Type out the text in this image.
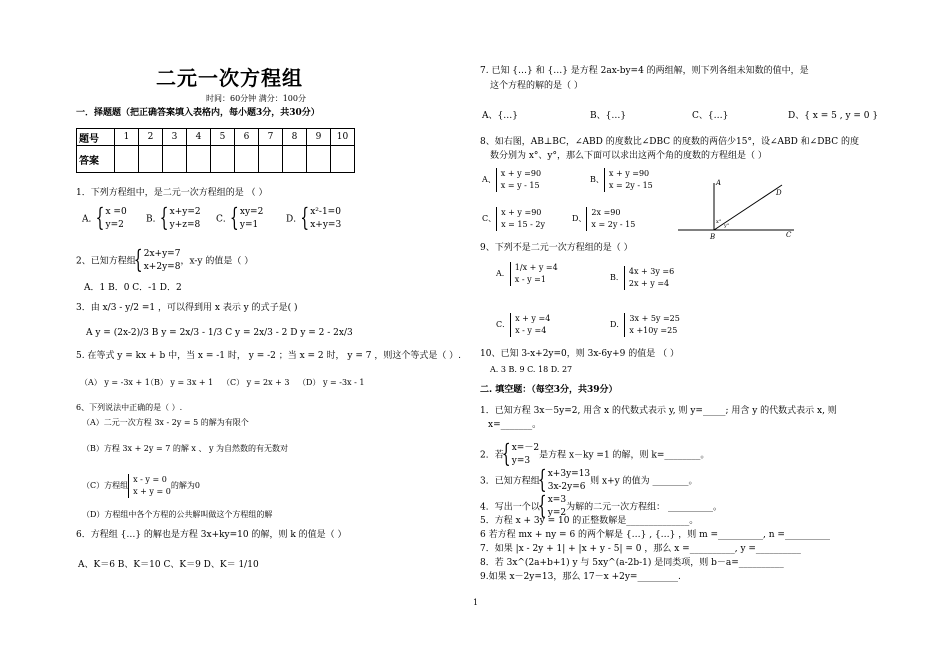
二元一次方程组
时间：60分钟 满分：100分
一．择题题（把正确答案填入表格内，每小题3分，共30分）
题号	1	2	3	4	5	6	7	8	9	10
答案										
1．下列方程组中，是二元一次方程组的是 （ ）
A．
{ x =0
y=2
B．
{ x+y=2
y+z=8
C．
{ xy=2
y=1
D．
{ x²-1=0
x+y=3
2、已知方程组
{ 2x+y=7
x+2y=8
，x-y 的值是（ ）
A．1 B．0 C．-1 D．2
3．由 x/3 - y/2 =1 ，可以得到用 x 表示 y 的式子是( )
A y = (2x-2)/3 B y = 2x/3 - 1/3 C y = 2x/3 - 2 D y = 2 - 2x/3
5. 在等式 y = kx + b 中，当 x = -1 时， y = -2 ；当 x = 2 时， y = 7 ，则这个等式是（ ）.
（A） y = -3x + 1
（B） y = 3x + 1 （C） y = 2x + 3 （D） y = -3x - 1
6、下列说法中正确的是（ ）.
（A）二元一次方程 3x - 2y = 5 的解为有限个
（B）方程 3x + 2y = 7 的解 x 、 y 为自然数的有无数对
（C）方程组
x - y = 0
x + y = 0
的解为0
（D）方程组中各个方程的公共解叫做这个方程组的解
6．方程组 {…} 的解也是方程 3x+ky=10 的解，则 k 的值是（ ）
A、K＝6 B、K＝10 C、K＝9 D、K＝ 1/10
7. 已知 {…} 和 {…} 是方程 2ax-by=4 的两组解，则下列各组未知数的值中，是
这个方程的解的是（ ）
A、{…}	B、{…}	C、{…}	D、{ x = 5 , y = 0 }
8、如右图，AB⊥BC，∠ABD 的度数比∠DBC 的度数的两倍少15°，设∠ABD 和∠DBC 的度
数分别为 x°、y°，那么下面可以求出这两个角的度数的方程组是（ ）
A、
x + y =90
x = y - 15
B、
x + y =90
x = 2y - 15
C、
x + y =90
x = 15 - 2y
D、
2x =90
x = 2y - 15
A
B	C
D
x°
y°
9、下列不是二元一次方程组的是（ ）
A．
1/x + y =4
x - y =1	B．
4x + 3y =6
2x + y =4
C．
x + y =4
x - y =4
D．
3x + 5y =25
x +10y =25
10、已知 3-x+2y=0，则 3x-6y+9 的值是 （ ）
A. 3 B. 9 C. 18 D. 27
二. 填空题：（每空3分，共39分）
1．已知方程 3x－5y=2, 用含 x 的代数式表示 y, 则 y=_____; 用含 y 的代数式表示 x, 则
x=_______。
2．若
{ x=－2
y=3
是方程 x－ky =1 的解，则 k=________。
3．已知方程组
{ x+3y=13
3x-2y=6
则 x+y 的值为 ________。
4．写出一个以
{ x=3
y=2
为解的二元一次方程组： __________。
5．方程 x + 3y = 10 的正整数解是______________。
6 若方程 mx + ny = 6 的两个解是 {…} , {…} ，则 m =__________, n =__________
7．如果 |x - 2y + 1| + |x + y - 5| = 0 ，那么 x =__________, y =__________
8．若 3x^(2a+b+1) y 与 5xy^(a-2b-1) 是同类项，则 b－a=__________
9.如果 x－2y=13，那么 17－x +2y=_________.
1
